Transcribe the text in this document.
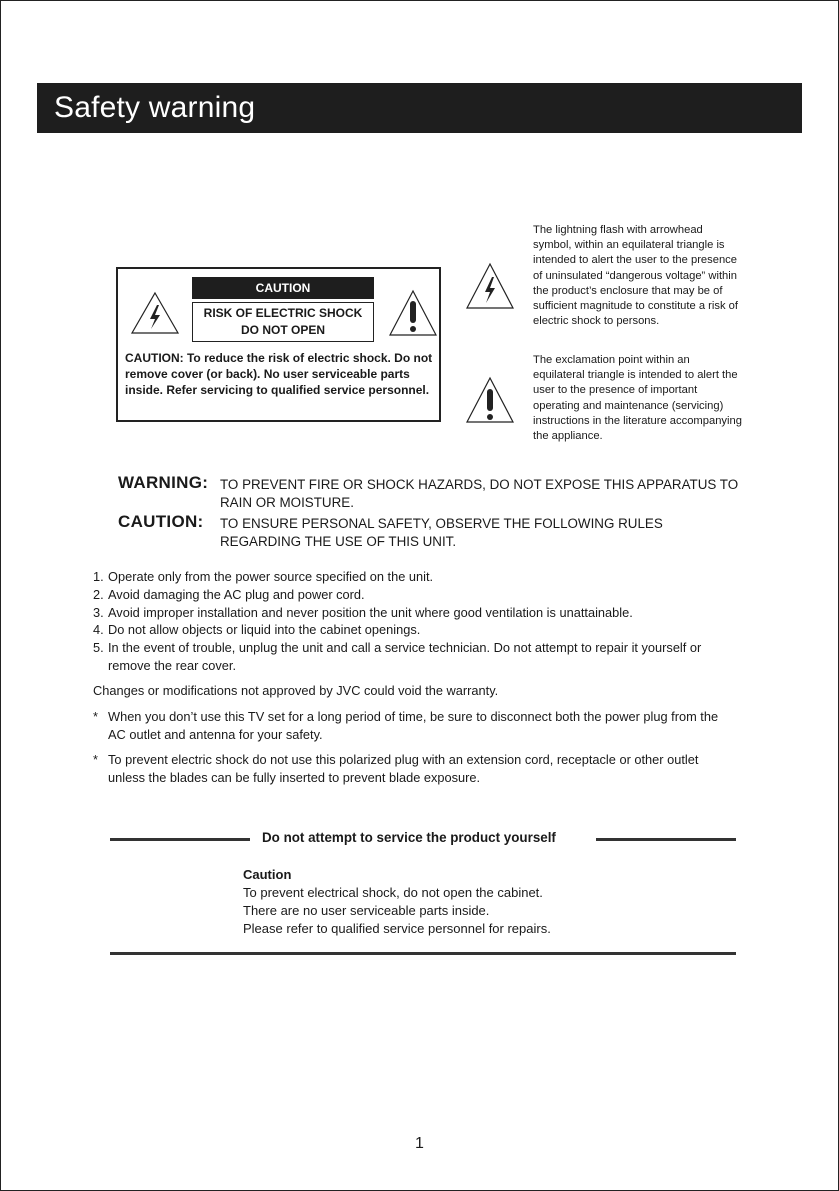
Safety warning
CAUTION
RISK OF ELECTRIC SHOCK
DO NOT OPEN
CAUTION: To reduce the risk of electric shock. Do not remove cover (or back). No user serviceable parts inside. Refer servicing to qualified service personnel.
The lightning flash with arrowhead symbol, within an equilateral triangle is intended to alert the user to the presence of uninsulated “dangerous voltage” within the product’s enclosure that may be of sufficient magnitude to constitute a risk of electric shock to persons.
The exclamation point within an equilateral triangle is intended to alert the user to the presence of important operating and maintenance (servicing) instructions in the literature accompanying the appliance.
WARNING: TO PREVENT FIRE OR SHOCK HAZARDS, DO NOT EXPOSE THIS APPARATUS TO RAIN OR MOISTURE.
CAUTION: TO ENSURE PERSONAL SAFETY, OBSERVE THE FOLLOWING RULES REGARDING THE USE OF THIS UNIT.
1. Operate only from the power source specified on the unit.
2. Avoid damaging the AC plug and power cord.
3. Avoid improper installation and never position the unit where good ventilation is unattainable.
4. Do not allow objects or liquid into the cabinet openings.
5. In the event of trouble, unplug the unit and call a service technician. Do not attempt to repair it yourself or remove the rear cover.
Changes or modifications not approved by JVC could void the warranty.
* When you don’t use this TV set for a long period of time, be sure to disconnect both the power plug from the AC outlet and antenna for your safety.
* To prevent electric shock do not use this polarized plug with an extension cord, receptacle or other outlet unless the blades can be fully inserted to prevent blade exposure.
Do not attempt to service the product yourself
Caution
To prevent electrical shock, do not open the cabinet.
There are no user serviceable parts inside.
Please refer to qualified service personnel for repairs.
1
